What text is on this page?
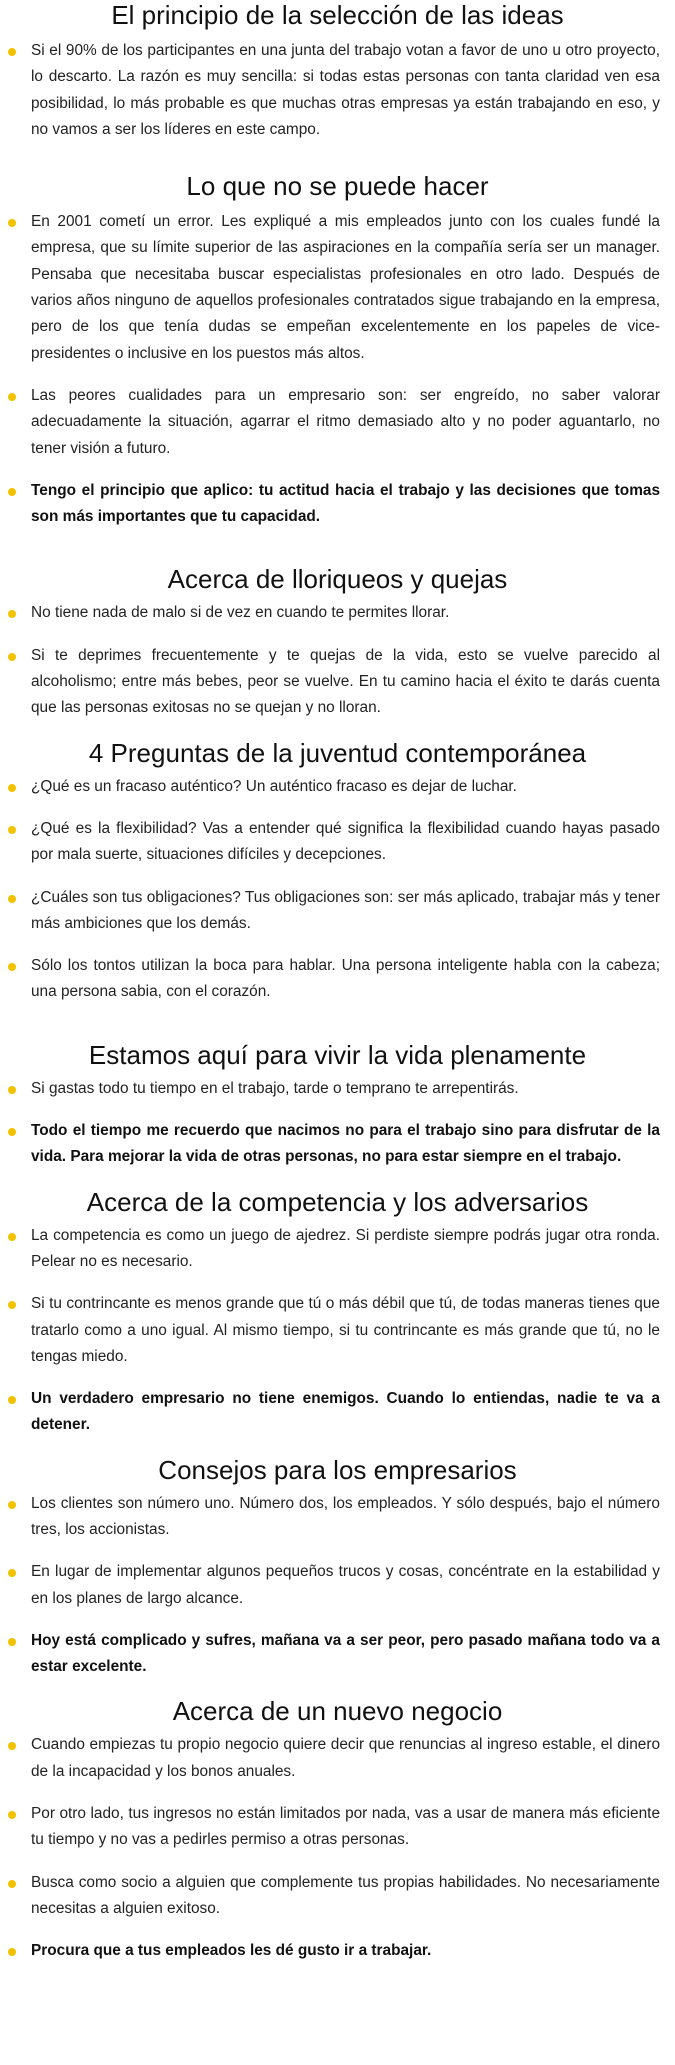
El principio de la selección de las ideas
Si el 90% de los participantes en una junta del trabajo votan a favor de uno u otro proyecto, lo descarto. La razón es muy sencilla: si todas estas personas con tanta claridad ven esa posibilidad, lo más probable es que muchas otras empresas ya están trabajando en eso, y no vamos a ser los líderes en este campo.
Lo que no se puede hacer
En 2001 cometí un error. Les expliqué a mis empleados junto con los cuales fundé la empresa, que su límite superior de las aspiraciones en la compañía sería ser un manager. Pensaba que necesitaba buscar especialistas profesionales en otro lado. Después de varios años ninguno de aquellos profesionales contratados sigue trabajando en la empresa, pero de los que tenía dudas se empeñan excelentemente en los papeles de vice-presidentes o inclusive en los puestos más altos.
Las peores cualidades para un empresario son: ser engreído, no saber valorar adecuadamente la situación, agarrar el ritmo demasiado alto y no poder aguantarlo, no tener visión a futuro.
Tengo el principio que aplico: tu actitud hacia el trabajo y las decisiones que tomas son más importantes que tu capacidad.
Acerca de lloriqueos y quejas
No tiene nada de malo si de vez en cuando te permites llorar.
Si te deprimes frecuentemente y te quejas de la vida, esto se vuelve parecido al alcoholismo; entre más bebes, peor se vuelve. En tu camino hacia el éxito te darás cuenta que las personas exitosas no se quejan y no lloran.
4 Preguntas de la juventud contemporánea
¿Qué es un fracaso auténtico? Un auténtico fracaso es dejar de luchar.
¿Qué es la flexibilidad? Vas a entender qué significa la flexibilidad cuando hayas pasado por mala suerte, situaciones difíciles y decepciones.
¿Cuáles son tus obligaciones? Tus obligaciones son: ser más aplicado, trabajar más y tener más ambiciones que los demás.
Sólo los tontos utilizan la boca para hablar. Una persona inteligente habla con la cabeza; una persona sabia, con el corazón.
Estamos aquí para vivir la vida plenamente
Si gastas todo tu tiempo en el trabajo, tarde o temprano te arrepentirás.
Todo el tiempo me recuerdo que nacimos no para el trabajo sino para disfrutar de la vida. Para mejorar la vida de otras personas, no para estar siempre en el trabajo.
Acerca de la competencia y los adversarios
La competencia es como un juego de ajedrez. Si perdiste siempre podrás jugar otra ronda. Pelear no es necesario.
Si tu contrincante es menos grande que tú o más débil que tú, de todas maneras tienes que tratarlo como a uno igual. Al mismo tiempo, si tu contrincante es más grande que tú, no le tengas miedo.
Un verdadero empresario no tiene enemigos. Cuando lo entiendas, nadie te va a detener.
Consejos para los empresarios
Los clientes son número uno. Número dos, los empleados. Y sólo después, bajo el número tres, los accionistas.
En lugar de implementar algunos pequeños trucos y cosas, concéntrate en la estabilidad y en los planes de largo alcance.
Hoy está complicado y sufres, mañana va a ser peor, pero pasado mañana todo va a estar excelente.
Acerca de un nuevo negocio
Cuando empiezas tu propio negocio quiere decir que renuncias al ingreso estable, el dinero de la incapacidad y los bonos anuales.
Por otro lado, tus ingresos no están limitados por nada, vas a usar de manera más eficiente tu tiempo y no vas a pedirles permiso a otras personas.
Busca como socio a alguien que complemente tus propias habilidades. No necesariamente necesitas a alguien exitoso.
Procura que a tus empleados les dé gusto ir a trabajar.
